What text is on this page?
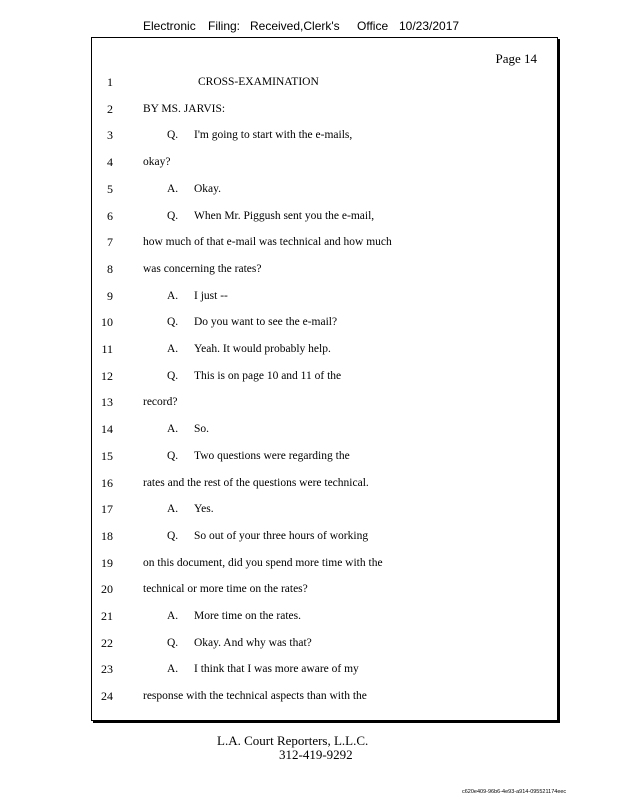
Electronic Filing: Received,Clerk's Office 10/23/2017
Page 14
1	CROSS-EXAMINATION
2	BY MS. JARVIS:
3	Q. I'm going to start with the e-mails,
4	okay?
5	A. Okay.
6	Q. When Mr. Piggush sent you the e-mail,
7	how much of that e-mail was technical and how much
8	was concerning the rates?
9	A. I just --
10	Q. Do you want to see the e-mail?
11	A. Yeah. It would probably help.
12	Q. This is on page 10 and 11 of the
13	record?
14	A. So.
15	Q. Two questions were regarding the
16	rates and the rest of the questions were technical.
17	A. Yes.
18	Q. So out of your three hours of working
19	on this document, did you spend more time with the
20	technical or more time on the rates?
21	A. More time on the rates.
22	Q. Okay. And why was that?
23	A. I think that I was more aware of my
24	response with the technical aspects than with the
L.A. Court Reporters, L.L.C.
312-419-9292
c620e409-96b6-4e93-a914-095521174eec
